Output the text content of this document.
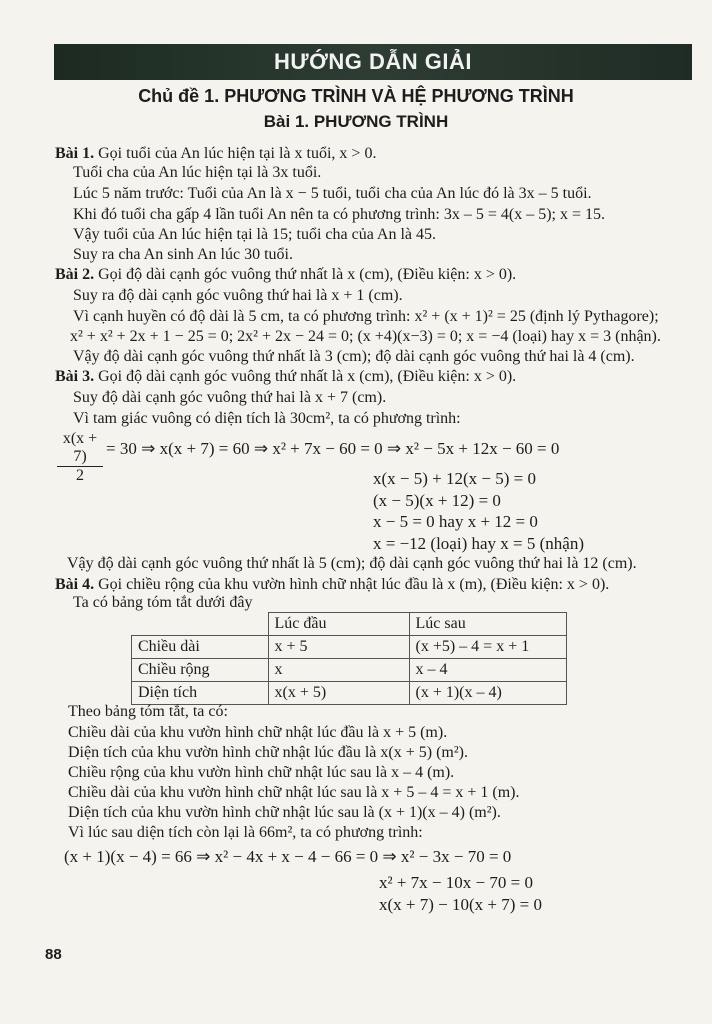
HƯỚNG DẪN GIẢI
Chủ đề 1. PHƯƠNG TRÌNH VÀ HỆ PHƯƠNG TRÌNH
Bài 1. PHƯƠNG TRÌNH
Bài 1. Gọi tuổi của An lúc hiện tại là x tuổi, x > 0.
Tuổi cha của An lúc hiện tại là 3x tuổi.
Lúc 5 năm trước: Tuổi của An là x − 5 tuổi, tuổi cha của An lúc đó là 3x – 5 tuổi.
Khi đó tuổi cha gấp 4 lần tuổi An nên ta có phương trình: 3x – 5 = 4(x – 5); x = 15.
Vậy tuổi của An lúc hiện tại là 15; tuổi cha của An là 45.
Suy ra cha An sinh An lúc 30 tuổi.
Bài 2. Gọi độ dài cạnh góc vuông thứ nhất là x (cm), (Điều kiện: x > 0).
Suy ra độ dài cạnh góc vuông thứ hai là x + 1 (cm).
Vì cạnh huyền có độ dài là 5 cm, ta có phương trình: x² + (x + 1)² = 25 (định lý Pythagore);
x² + x² + 2x + 1 − 25 = 0; 2x² + 2x − 24 = 0; (x +4)(x−3) = 0; x = −4 (loại) hay x = 3 (nhận).
Vậy độ dài cạnh góc vuông thứ nhất là 3 (cm); độ dài cạnh góc vuông thứ hai là 4 (cm).
Bài 3. Gọi độ dài cạnh góc vuông thứ nhất là x (cm), (Điều kiện: x > 0).
Suy độ dài cạnh góc vuông thứ hai là x + 7 (cm).
Vì tam giác vuông có diện tích là 30cm², ta có phương trình:
$\frac{x(x + 7)}{2} = 30$ ⇒ x(x + 7) = 60 ⇒ x² + 7x − 60 = 0 ⇒ x² − 5x + 12x − 60 = 0
x(x − 5) + 12(x − 5) = 0
(x − 5)(x + 12) = 0
x − 5 = 0 hay x + 12 = 0
x = −12 (loại) hay x = 5 (nhận)
Vậy độ dài cạnh góc vuông thứ nhất là 5 (cm); độ dài cạnh góc vuông thứ hai là 12 (cm).
Bài 4. Gọi chiều rộng của khu vườn hình chữ nhật lúc đầu là x (m), (Điều kiện: x > 0).
Ta có bảng tóm tắt dưới đây
	Lúc đầu	Lúc sau
Chiều dài	x + 5	(x +5) – 4 = x + 1
Chiều rộng	x	x – 4
Diện tích	x(x + 5)	(x + 1)(x – 4)
Theo bảng tóm tắt, ta có:
Chiều dài của khu vườn hình chữ nhật lúc đầu là x + 5 (m).
Diện tích của khu vườn hình chữ nhật lúc đầu là x(x + 5) (m²).
Chiều rộng của khu vườn hình chữ nhật lúc sau là x – 4 (m).
Chiều dài của khu vườn hình chữ nhật lúc sau là x + 5 – 4 = x + 1 (m).
Diện tích của khu vườn hình chữ nhật lúc sau là (x + 1)(x – 4) (m²).
Vì lúc sau diện tích còn lại là 66m², ta có phương trình:
(x + 1)(x − 4) = 66 ⇒ x² − 4x + x − 4 − 66 = 0 ⇒ x² − 3x − 70 = 0
x² + 7x − 10x − 70 = 0
x(x + 7) − 10(x + 7) = 0
88
